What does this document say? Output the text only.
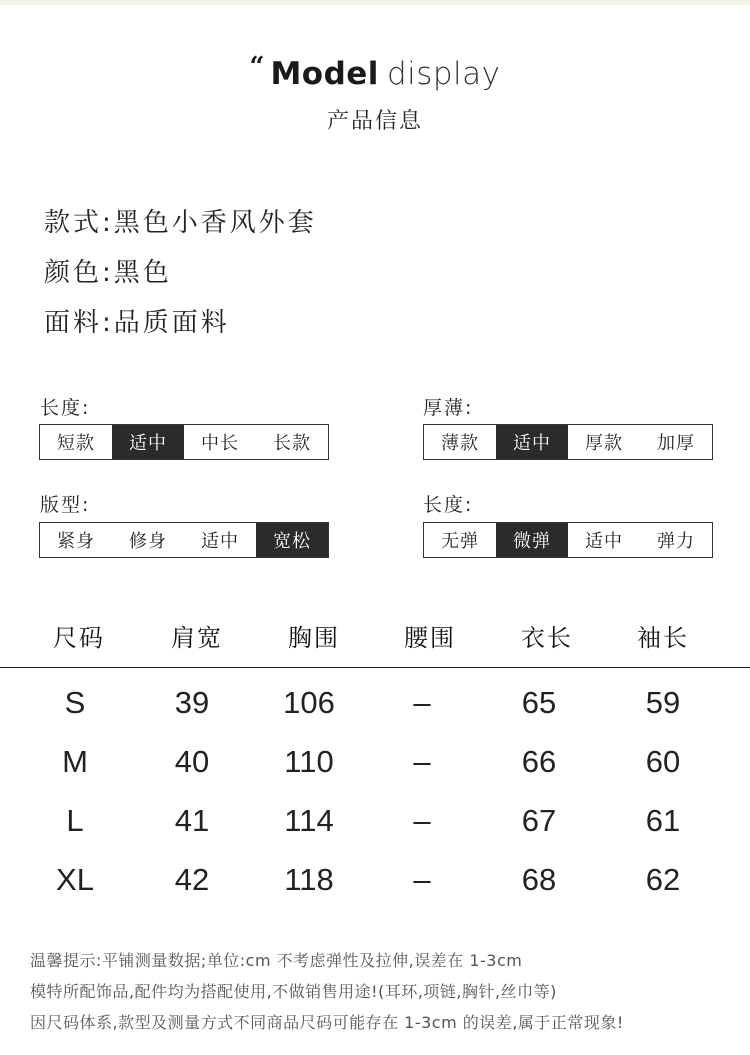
“ Model display
产品信息
款式:黑色小香风外套
颜色:黑色
面料:品质面料
长度:
短款	适中	中长	长款
厚薄:
薄款	适中	厚款	加厚
版型:
紧身	修身	适中	宽松
长度:
无弹	微弹	适中	弹力
尺码	肩宽	胸围	腰围	衣长	袖长
S	39	106	–	65	59
M	40	110	–	66	60
L	41	114	–	67	61
XL	42	118	–	68	62
温馨提示:平铺测量数据;单位:cm 不考虑弹性及拉伸,误差在 1-3cm
模特所配饰品,配件均为搭配使用,不做销售用途!(耳环,项链,胸针,丝巾等)
因尺码体系,款型及测量方式不同商品尺码可能存在 1-3cm 的误差,属于正常现象!
